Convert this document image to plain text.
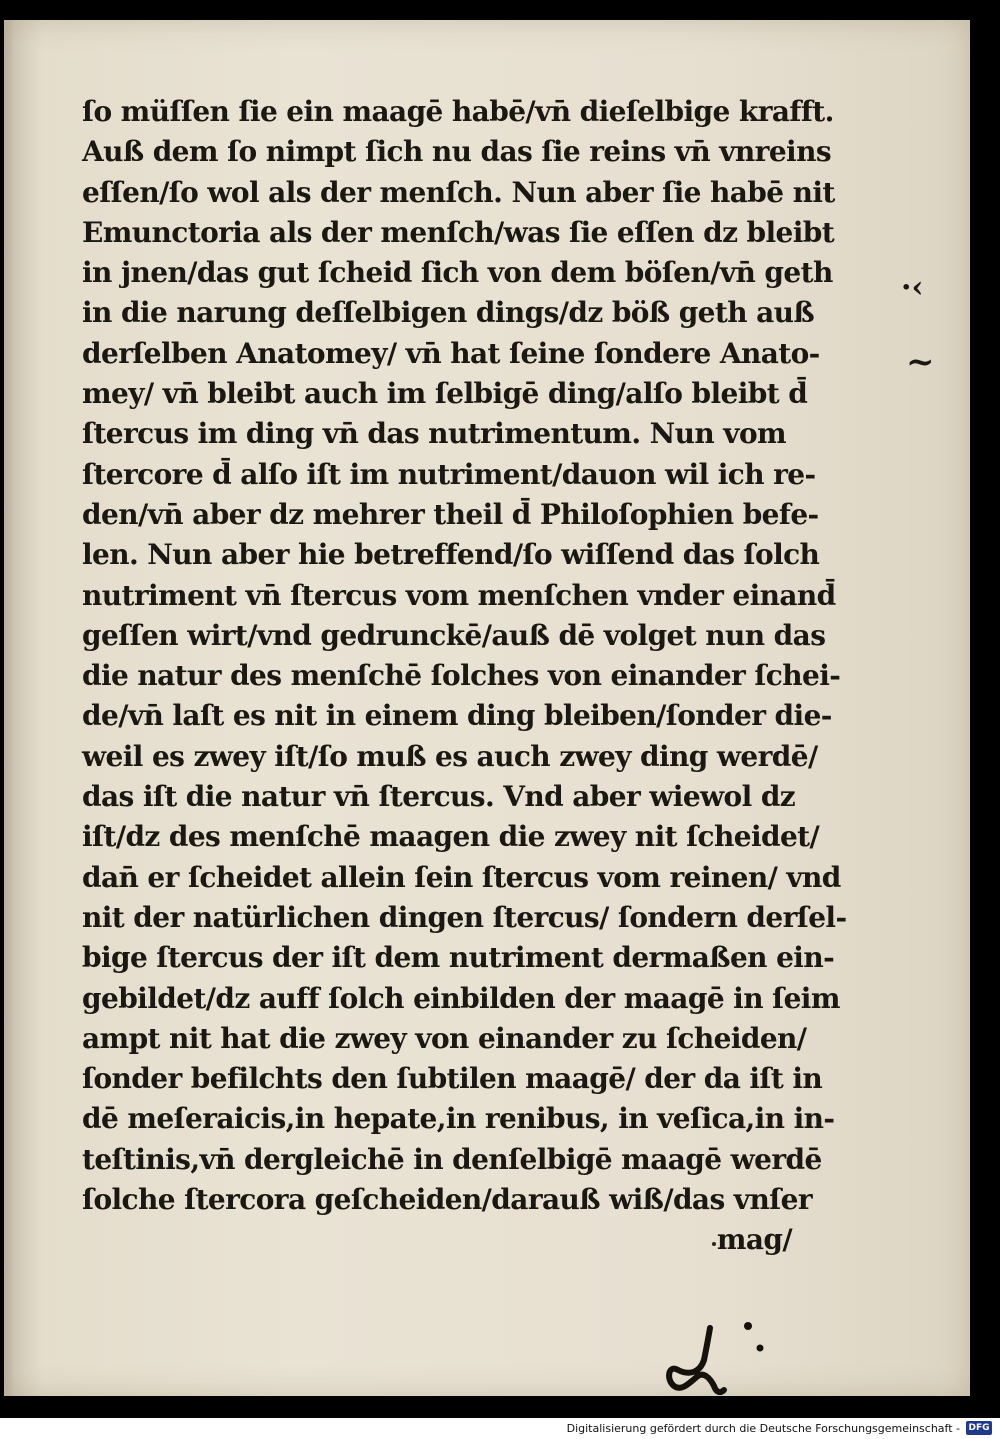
ſo müſſen ſie ein maagē habē/vn̄ dieſelbige krafft.
Auß dem ſo nimpt ſich nu das ſie reins vn̄ vnreins
eſſen/ſo wol als der menſch. Nun aber ſie habē nit
Emunctoria als der menſch/was ſie eſſen dz bleibt
in jnen/das gut ſcheid ſich von dem böſen/vn̄ geth
in die narung deſſelbigen dings/dz böß geth auß
derſelben Anatomey/ vn̄ hat ſeine ſondere Anato-
mey/ vn̄ bleibt auch im ſelbigē ding/alſo bleibt d̄
ſtercus im ding vn̄ das nutrimentum. Nun vom
ſtercore d̄ alſo iſt im nutriment/dauon wil ich re-
den/vn̄ aber dz mehrer theil d̄ Philoſophien befe-
len. Nun aber hie betreffend/ſo wiſſend das ſolch
nutriment vn̄ ſtercus vom menſchen vnder einand̄
geſſen wirt/vnd gedrunckē/auß dē volget nun das
die natur des menſchē ſolches von einander ſchei-
de/vn̄ laſt es nit in einem ding bleiben/ſonder die-
weil es zwey iſt/ſo muß es auch zwey ding werdē/
das iſt die natur vn̄ ſtercus. Vnd aber wiewol dz
iſt/dz des menſchē maagen die zwey nit ſcheidet/
dan̄ er ſcheidet allein ſein ſtercus vom reinen/ vnd
nit der natürlichen dingen ſtercus/ ſondern derſel-
bige ſtercus der iſt dem nutriment dermaßen ein-
gebildet/dz auff ſolch einbilden der maagē in ſeim
ampt nit hat die zwey von einander zu ſcheiden/
ſonder befilchts den ſubtilen maagē/ der da iſt in
dē meſeraicis,in hepate,in renibus, in veſica,in in-
teſtinis,vn̄ dergleichē in denſelbigē maagē werdē
ſolche ſtercora geſcheiden/darauß wiß/das vnſer
mag/
·‹
~
Digitalisierung gefördert durch die Deutsche Forschungsgemeinschaft - DFG
